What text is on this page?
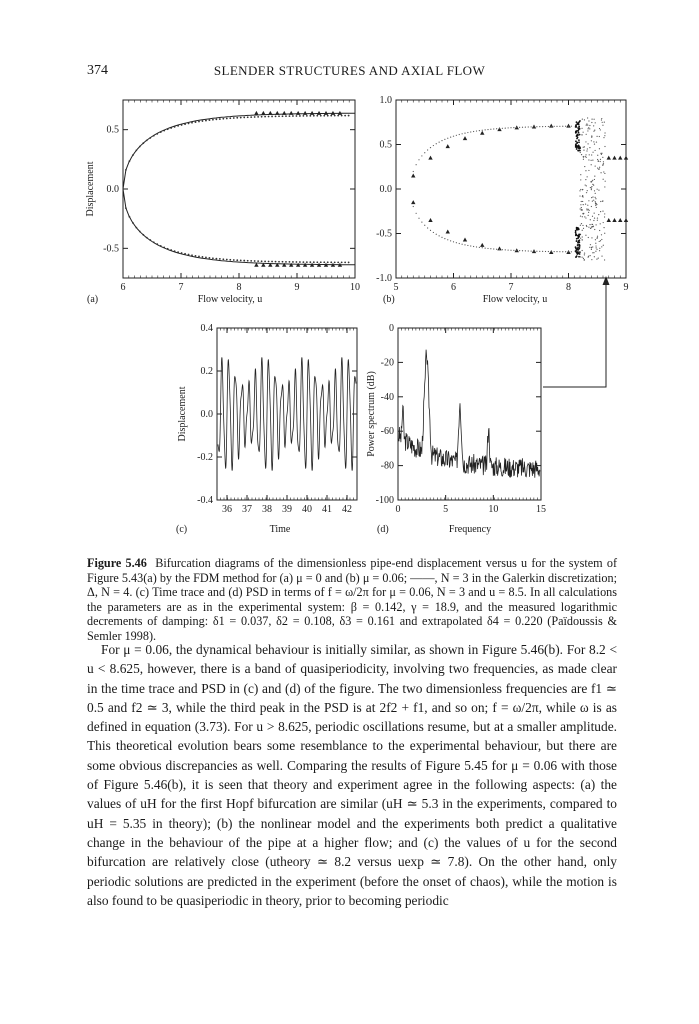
374	SLENDER STRUCTURES AND AXIAL FLOW
6	7	8	9	10
0.5
0.0
-0.5
Displacement
(a)	Flow velocity, u
5	6	7	8	9
1.0
0.5
0.0
-0.5
-1.0
(b)	Flow velocity, u
36 37 38 39 40 41 42
0.4
0.2
0.0
-0.2
-0.4
Displacement
(c)	Time
0	5	10	15
0
-20
-40
-60
-80
-100
Power spectrum (dB)
(d)	Frequency
Figure 5.46 Bifurcation diagrams of the dimensionless pipe-end displacement versus u for the system of Figure 5.43(a) by the FDM method for (a) μ = 0 and (b) μ = 0.06; ——, N = 3 in the Galerkin discretization; Δ, N = 4. (c) Time trace and (d) PSD in terms of f = ω/2π for μ = 0.06, N = 3 and u = 8.5. In all calculations the parameters are as in the experimental system: β = 0.142, γ = 18.9, and the measured logarithmic decrements of damping: δ1 = 0.037, δ2 = 0.108, δ3 = 0.161 and extrapolated δ4 = 0.220 (Païdoussis & Semler 1998).

For μ = 0.06, the dynamical behaviour is initially similar, as shown in Figure 5.46(b). For 8.2 < u < 8.625, however, there is a band of quasiperiodicity, involving two frequencies, as made clear in the time trace and PSD in (c) and (d) of the figure. The two dimensionless frequencies are f1 ≃ 0.5 and f2 ≃ 3, while the third peak in the PSD is at 2f2 + f1, and so on; f = ω/2π, while ω is as defined in equation (3.73). For u > 8.625, periodic oscillations resume, but at a smaller amplitude. This theoretical evolution bears some resemblance to the experimental behaviour, but there are some obvious discrepancies as well. Comparing the results of Figure 5.45 for μ = 0.06 with those of Figure 5.46(b), it is seen that theory and experiment agree in the following aspects: (a) the values of uH for the first Hopf bifurcation are similar (uH ≃ 5.3 in the experiments, compared to uH = 5.35 in theory); (b) the nonlinear model and the experiments both predict a qualitative change in the behaviour of the pipe at a higher flow; and (c) the values of u for the second bifurcation are relatively close (utheory ≃ 8.2 versus uexp ≃ 7.8). On the other hand, only periodic solutions are predicted in the experiment (before the onset of chaos), while the motion is also found to be quasiperiodic in theory, prior to becoming periodic
